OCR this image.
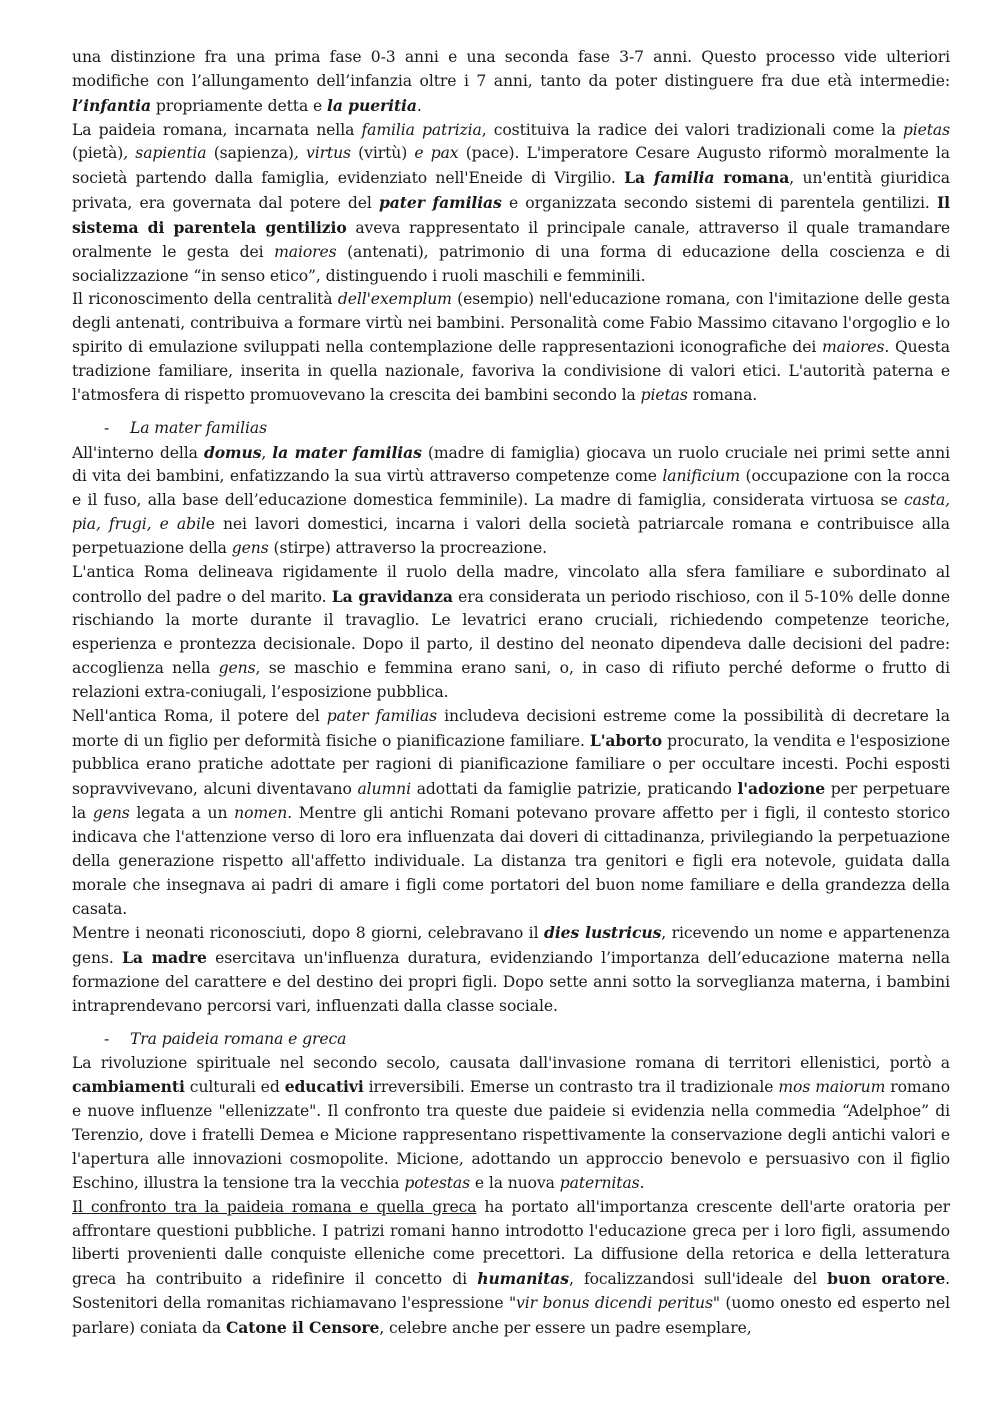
una distinzione fra una prima fase 0-3 anni e una seconda fase 3-7 anni. Questo processo vide ulteriori modifiche con l’allungamento dell’infanzia oltre i 7 anni, tanto da poter distinguere fra due età intermedie: l’infantia propriamente detta e la pueritia.

La paideia romana, incarnata nella familia patrizia, costituiva la radice dei valori tradizionali come la pietas (pietà), sapientia (sapienza), virtus (virtù) e pax (pace). L'imperatore Cesare Augusto riformò moralmente la società partendo dalla famiglia, evidenziato nell'Eneide di Virgilio. La familia romana, un'entità giuridica privata, era governata dal potere del pater familias e organizzata secondo sistemi di parentela gentilizi. Il sistema di parentela gentilizio aveva rappresentato il principale canale, attraverso il quale tramandare oralmente le gesta dei maiores (antenati), patrimonio di una forma di educazione della coscienza e di socializzazione “in senso etico”, distinguendo i ruoli maschili e femminili.

Il riconoscimento della centralità dell'exemplum (esempio) nell'educazione romana, con l'imitazione delle gesta degli antenati, contribuiva a formare virtù nei bambini. Personalità come Fabio Massimo citavano l'orgoglio e lo spirito di emulazione sviluppati nella contemplazione delle rappresentazioni iconografiche dei maiores. Questa tradizione familiare, inserita in quella nazionale, favoriva la condivisione di valori etici. L'autorità paterna e l'atmosfera di rispetto promuovevano la crescita dei bambini secondo la pietas romana.

- La mater familias

All'interno della domus, la mater familias (madre di famiglia) giocava un ruolo cruciale nei primi sette anni di vita dei bambini, enfatizzando la sua virtù attraverso competenze come lanificium (occupazione con la rocca e il fuso, alla base dell’educazione domestica femminile). La madre di famiglia, considerata virtuosa se casta, pia, frugi, e abile nei lavori domestici, incarna i valori della società patriarcale romana e contribuisce alla perpetuazione della gens (stirpe) attraverso la procreazione.

L'antica Roma delineava rigidamente il ruolo della madre, vincolato alla sfera familiare e subordinato al controllo del padre o del marito. La gravidanza era considerata un periodo rischioso, con il 5-10% delle donne rischiando la morte durante il travaglio. Le levatrici erano cruciali, richiedendo competenze teoriche, esperienza e prontezza decisionale. Dopo il parto, il destino del neonato dipendeva dalle decisioni del padre: accoglienza nella gens, se maschio e femmina erano sani, o, in caso di rifiuto perché deforme o frutto di relazioni extra-coniugali, l’esposizione pubblica.

Nell'antica Roma, il potere del pater familias includeva decisioni estreme come la possibilità di decretare la morte di un figlio per deformità fisiche o pianificazione familiare. L'aborto procurato, la vendita e l'esposizione pubblica erano pratiche adottate per ragioni di pianificazione familiare o per occultare incesti. Pochi esposti sopravvivevano, alcuni diventavano alumni adottati da famiglie patrizie, praticando l'adozione per perpetuare la gens legata a un nomen. Mentre gli antichi Romani potevano provare affetto per i figli, il contesto storico indicava che l'attenzione verso di loro era influenzata dai doveri di cittadinanza, privilegiando la perpetuazione della generazione rispetto all'affetto individuale. La distanza tra genitori e figli era notevole, guidata dalla morale che insegnava ai padri di amare i figli come portatori del buon nome familiare e della grandezza della casata.

Mentre i neonati riconosciuti, dopo 8 giorni, celebravano il dies lustricus, ricevendo un nome e appartenenza gens. La madre esercitava un'influenza duratura, evidenziando l’importanza dell’educazione materna nella formazione del carattere e del destino dei propri figli. Dopo sette anni sotto la sorveglianza materna, i bambini intraprendevano percorsi vari, influenzati dalla classe sociale.

- Tra paideia romana e greca

La rivoluzione spirituale nel secondo secolo, causata dall'invasione romana di territori ellenistici, portò a cambiamenti culturali ed educativi irreversibili. Emerse un contrasto tra il tradizionale mos maiorum romano e nuove influenze "ellenizzate". Il confronto tra queste due paideie si evidenzia nella commedia “Adelphoe” di Terenzio, dove i fratelli Demea e Micione rappresentano rispettivamente la conservazione degli antichi valori e l'apertura alle innovazioni cosmopolite. Micione, adottando un approccio benevolo e persuasivo con il figlio Eschino, illustra la tensione tra la vecchia potestas e la nuova paternitas.

Il confronto tra la paideia romana e quella greca ha portato all'importanza crescente dell'arte oratoria per affrontare questioni pubbliche. I patrizi romani hanno introdotto l'educazione greca per i loro figli, assumendo liberti provenienti dalle conquiste elleniche come precettori. La diffusione della retorica e della letteratura greca ha contribuito a ridefinire il concetto di humanitas, focalizzandosi sull'ideale del buon oratore. Sostenitori della romanitas richiamavano l'espressione "vir bonus dicendi peritus" (uomo onesto ed esperto nel parlare) coniata da Catone il Censore, celebre anche per essere un padre esemplare,
